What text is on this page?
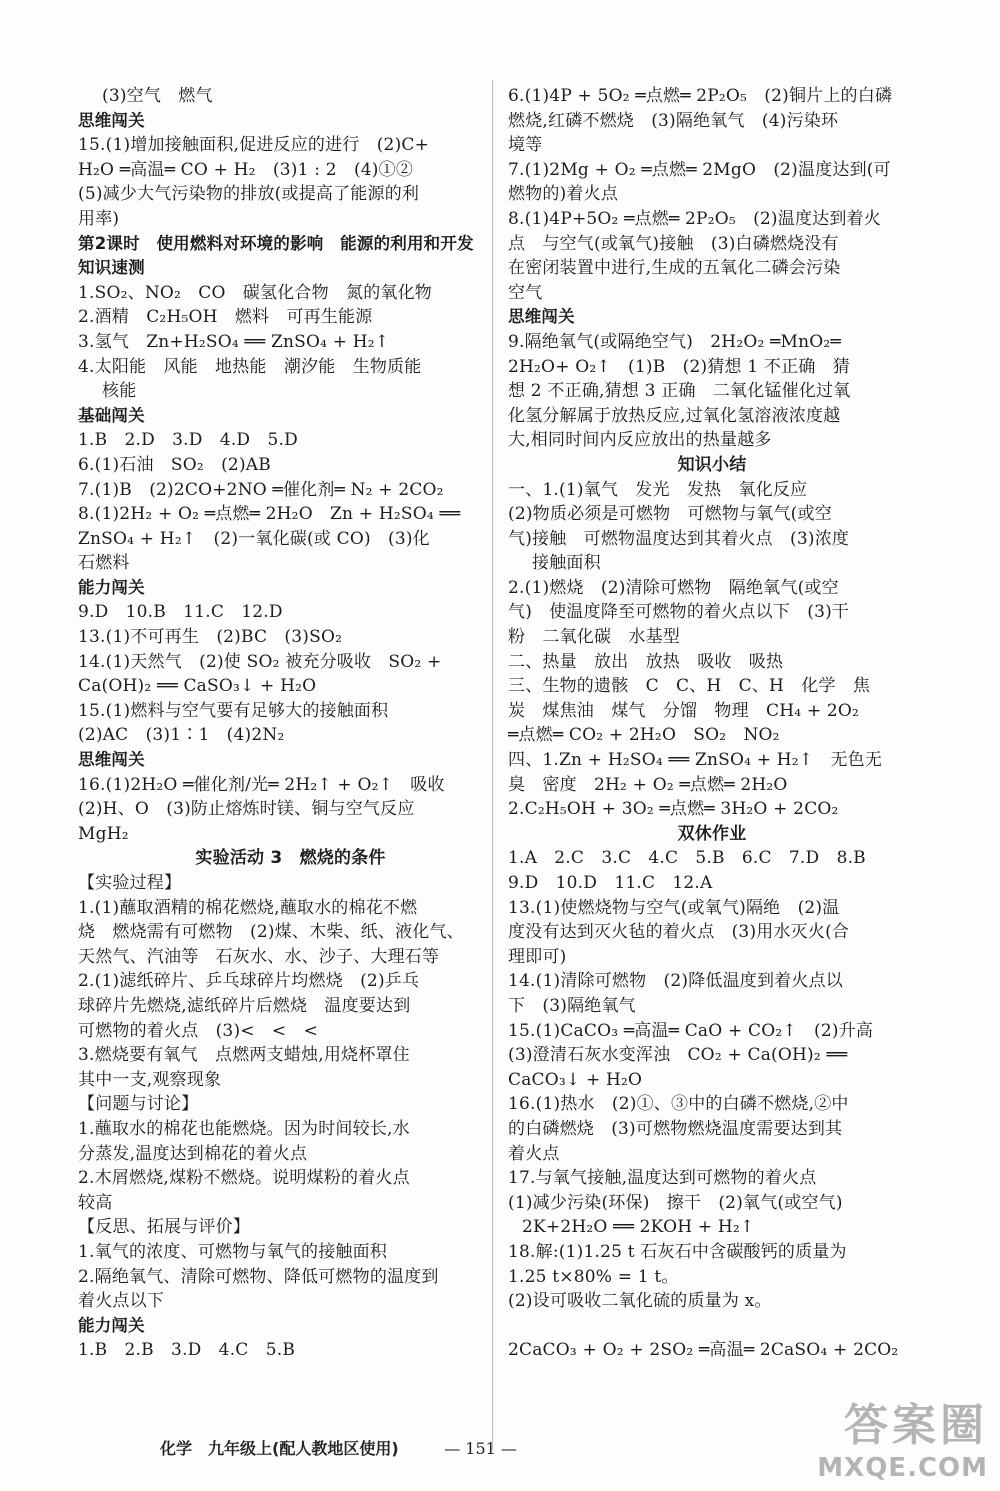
(3)空气　燃气
思维闯关
15.(1)增加接触面积,促进反应的进行　(2)C+
H₂O ═高温═ CO + H₂　(3)1 : 2　(4)①②
(5)减少大气污染物的排放(或提高了能源的利
用率)
第2课时　使用燃料对环境的影响　能源的利用和开发
知识速测
1.SO₂、NO₂　CO　碳氢化合物　氮的氧化物
2.酒精　C₂H₅OH　燃料　可再生能源
3.氢气　Zn+H₂SO₄ ══ ZnSO₄ + H₂↑
4.太阳能　风能　地热能　潮汐能　生物质能
核能
基础闯关
1.B　2.D　3.D　4.D　5.D
6.(1)石油　SO₂　(2)AB
7.(1)B　(2)2CO+2NO ═催化剂═ N₂ + 2CO₂
8.(1)2H₂ + O₂ ═点燃═ 2H₂O　Zn + H₂SO₄ ══
ZnSO₄ + H₂↑　(2)一氧化碳(或 CO)　(3)化
石燃料
能力闯关
9.D　10.B　11.C　12.D
13.(1)不可再生　(2)BC　(3)SO₂
14.(1)天然气　(2)使 SO₂ 被充分吸收　SO₂ +
Ca(OH)₂ ══ CaSO₃↓ + H₂O
15.(1)燃料与空气要有足够大的接触面积
(2)AC　(3)1∶1　(4)2N₂
思维闯关
16.(1)2H₂O ═催化剂/光═ 2H₂↑ + O₂↑　吸收
(2)H、O　(3)防止熔炼时镁、铜与空气反应
MgH₂
实验活动 3　燃烧的条件
【实验过程】
1.(1)蘸取酒精的棉花燃烧,蘸取水的棉花不燃
烧　燃烧需有可燃物　(2)煤、木柴、纸、液化气、
天然气、汽油等　石灰水、水、沙子、大理石等
2.(1)滤纸碎片、乒乓球碎片均燃烧　(2)乒乓
球碎片先燃烧,滤纸碎片后燃烧　温度要达到
可燃物的着火点　(3)<　<　<
3.燃烧要有氧气　点燃两支蜡烛,用烧杯罩住
其中一支,观察现象
【问题与讨论】
1.蘸取水的棉花也能燃烧。因为时间较长,水
分蒸发,温度达到棉花的着火点
2.木屑燃烧,煤粉不燃烧。说明煤粉的着火点
较高
【反思、拓展与评价】
1.氧气的浓度、可燃物与氧气的接触面积
2.隔绝氧气、清除可燃物、降低可燃物的温度到
着火点以下
能力闯关
1.B　2.B　3.D　4.C　5.B
6.(1)4P + 5O₂ ═点燃═ 2P₂O₅　(2)铜片上的白磷
燃烧,红磷不燃烧　(3)隔绝氧气　(4)污染环
境等
7.(1)2Mg + O₂ ═点燃═ 2MgO　(2)温度达到(可
燃物的)着火点
8.(1)4P+5O₂ ═点燃═ 2P₂O₅　(2)温度达到着火
点　与空气(或氧气)接触　(3)白磷燃烧没有
在密闭装置中进行,生成的五氧化二磷会污染
空气
思维闯关
9.隔绝氧气(或隔绝空气)　2H₂O₂ ═MnO₂═
2H₂O+ O₂↑　(1)B　(2)猜想 1 不正确　猜
想 2 不正确,猜想 3 正确　二氧化锰催化过氧
化氢分解属于放热反应,过氧化氢溶液浓度越
大,相同时间内反应放出的热量越多
知识小结
一、1.(1)氧气　发光　发热　氧化反应
(2)物质必须是可燃物　可燃物与氧气(或空
气)接触　可燃物温度达到其着火点　(3)浓度
接触面积
2.(1)燃烧　(2)清除可燃物　隔绝氧气(或空
气)　使温度降至可燃物的着火点以下　(3)干
粉　二氧化碳　水基型
二、热量　放出　放热　吸收　吸热
三、生物的遗骸　C　C、H　C、H　化学　焦
炭　煤焦油　煤气　分馏　物理　CH₄ + 2O₂
═点燃═ CO₂ + 2H₂O　SO₂　NO₂
四、1.Zn + H₂SO₄ ══ ZnSO₄ + H₂↑　无色无
臭　密度　2H₂ + O₂ ═点燃═ 2H₂O
2.C₂H₅OH + 3O₂ ═点燃═ 3H₂O + 2CO₂
双休作业
1.A　2.C　3.C　4.C　5.B　6.C　7.D　8.B
9.D　10.D　11.C　12.A
13.(1)使燃烧物与空气(或氧气)隔绝　(2)温
度没有达到灭火毡的着火点　(3)用水灭火(合
理即可)
14.(1)清除可燃物　(2)降低温度到着火点以
下　(3)隔绝氧气
15.(1)CaCO₃ ═高温═ CaO + CO₂↑　(2)升高
(3)澄清石灰水变浑浊　CO₂ + Ca(OH)₂ ══
CaCO₃↓ + H₂O
16.(1)热水　(2)①、③中的白磷不燃烧,②中
的白磷燃烧　(3)可燃物燃烧温度需要达到其
着火点
17.与氧气接触,温度达到可燃物的着火点
(1)减少污染(环保)　擦干　(2)氧气(或空气)
2K+2H₂O ══ 2KOH + H₂↑
18.解:(1)1.25 t 石灰石中含碳酸钙的质量为
1.25 t×80% = 1 t。
(2)设可吸收二氧化硫的质量为 x。
2CaCO₃ + O₂ + 2SO₂ ═高温═ 2CaSO₄ + 2CO₂
化学　九年级上(配人教地区使用)	— 151 —	答案圈
MXQE.COM
